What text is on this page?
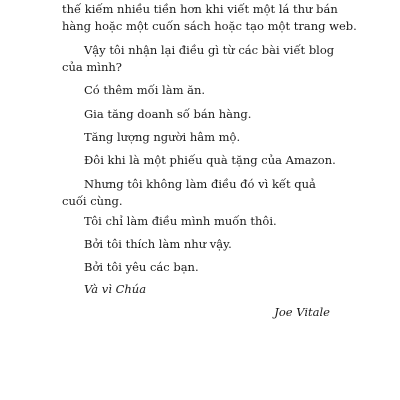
thế kiếm nhiều tiền hơn khi viết một lá thư bán
hàng hoặc một cuốn sách hoặc tạo một trang web.
Vậy tôi nhận lại điều gì từ các bài viết blog
của mình?
Có thêm mối làm ăn.
Gia tăng doanh số bán hàng.
Tăng lượng người hâm mộ.
Đôi khi là một phiếu quà tặng của Amazon.
Nhưng tôi không làm điều đó vì kết quả
cuối cùng.
Tôi chỉ làm điều mình muốn thôi.
Bởi tôi thích làm như vậy.
Bởi tôi yêu các bạn.
Và vì Chúa
Joe Vitale
